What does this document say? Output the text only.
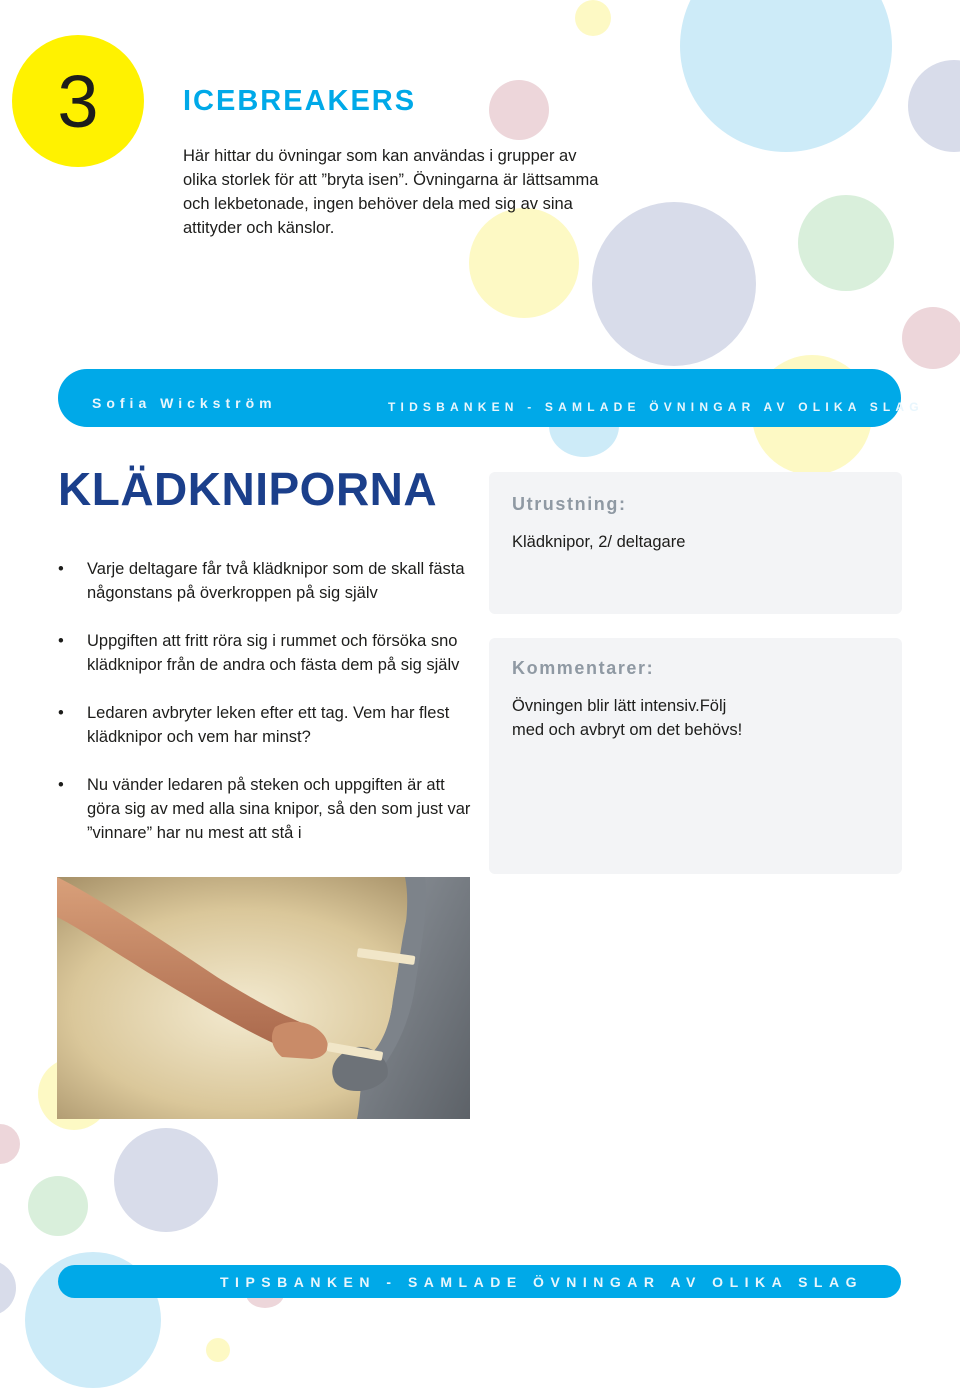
3	ICEBREAKERS
Här hittar du övningar som kan användas i grupper av olika storlek för att ”bryta isen”. Övningarna är lättsamma och lekbetonade, ingen behöver dela med sig av sina attityder och känslor.
Sofia Wickström	TIDSBANKEN - SAMLADE ÖVNINGAR AV OLIKA SLAG
KLÄDKNIPORNA
• Varje deltagare får två klädknipor som de skall fästa någonstans på överkroppen på sig själv
• Uppgiften att fritt röra sig i rummet och försöka sno klädknipor från de andra och fästa dem på sig själv
• Ledaren avbryter leken efter ett tag. Vem har flest klädknipor och vem har minst?
• Nu vänder ledaren på steken och uppgiften är att göra sig av med alla sina knipor, så den som just var ”vinnare” har nu mest att stå i
Utrustning:
Klädknipor, 2/ deltagare
Kommentarer:
Övningen blir lätt intensiv.Följ med och avbryt om det behövs!
TIPSBANKEN - SAMLADE ÖVNINGAR AV OLIKA SLAG
